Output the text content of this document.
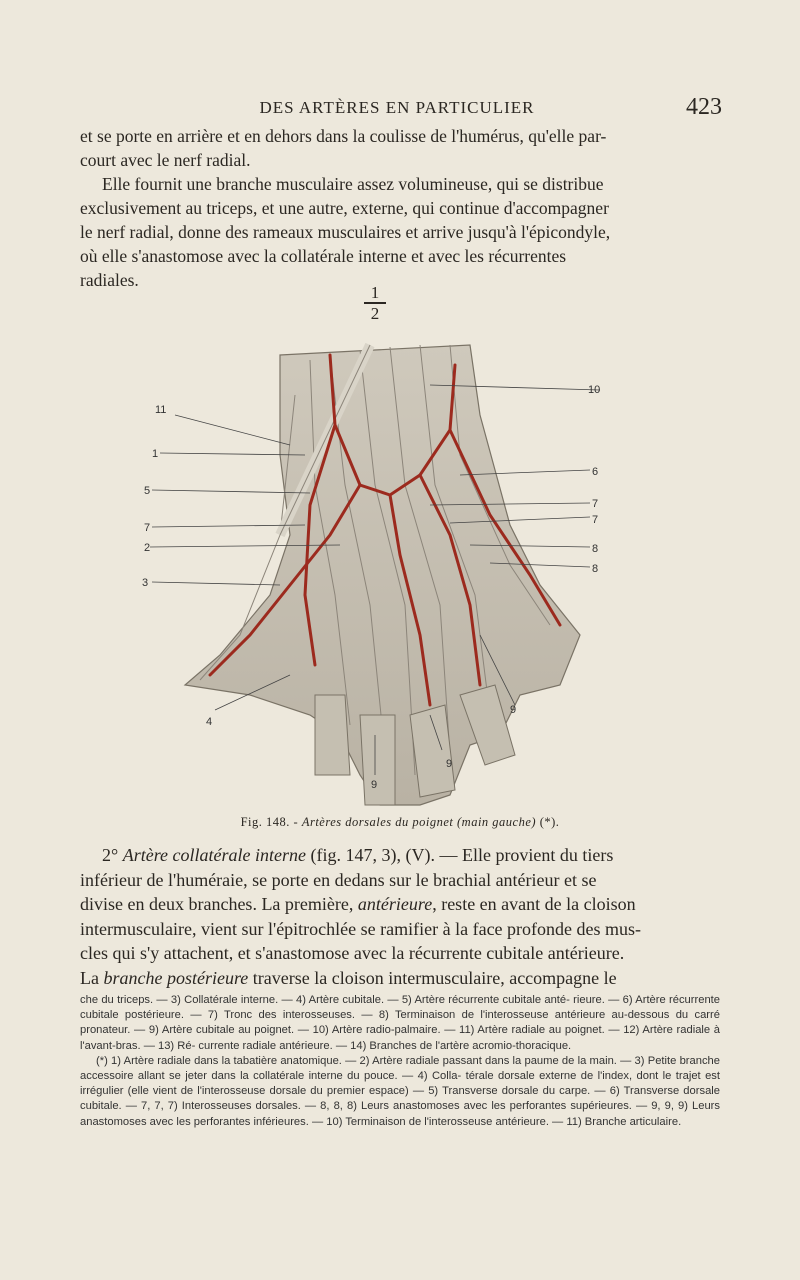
DES ARTÈRES EN PARTICULIER	423

et se porte en arrière et en dehors dans la coulisse de l'humérus, qu'elle par-

court avec le nerf radial.

Elle fournit une branche musculaire assez volumineuse, qui se distribue

exclusivement au triceps, et une autre, externe, qui continue d'accompagner

le nerf radial, donne des rameaux musculaires et arrive jusqu'à l'épicondyle,

où elle s'anastomose avec la collatérale interne et avec les récurrentes

radiales.

1
2
11
1
5
7
2
3
4
10
6
7
7
8
8
9
9
9
Fig. 148. - Artères dorsales du poignet (main gauche) (*).

2° Artère collatérale interne (fig. 147, 3), (V). — Elle provient du tiers

inférieur de l'huméraie, se porte en dedans sur le brachial antérieur et se

divise en deux branches. La première, antérieure, reste en avant de la cloison

intermusculaire, vient sur l'épitrochlée se ramifier à la face profonde des mus-

cles qui s'y attachent, et s'anastomose avec la récurrente cubitale antérieure.

La branche postérieure traverse la cloison intermusculaire, accompagne le

che du triceps. — 3) Collatérale interne. — 4) Artère cubitale. — 5) Artère récurrente cubitale anté- rieure. — 6) Artère récurrente cubitale postérieure. — 7) Tronc des interosseuses. — 8) Terminaison de l'interosseuse antérieure au-dessous du carré pronateur. — 9) Artère cubitale au poignet. — 10) Artère radio-palmaire. — 11) Artère radiale au poignet. — 12) Artère radiale à l'avant-bras. — 13) Ré- currente radiale antérieure. — 14) Branches de l'artère acromio-thoracique.

(*) 1) Artère radiale dans la tabatière anatomique. — 2) Artère radiale passant dans la paume de la main. — 3) Petite branche accessoire allant se jeter dans la collatérale interne du pouce. — 4) Colla- térale dorsale externe de l'index, dont le trajet est irrégulier (elle vient de l'interosseuse dorsale du premier espace) — 5) Transverse dorsale du carpe. — 6) Transverse dorsale cubitale. — 7, 7, 7) Interosseuses dorsales. — 8, 8, 8) Leurs anastomoses avec les perforantes supérieures. — 9, 9, 9) Leurs anastomoses avec les perforantes inférieures. — 10) Terminaison de l'interosseuse antérieure. — 11) Branche articulaire.
